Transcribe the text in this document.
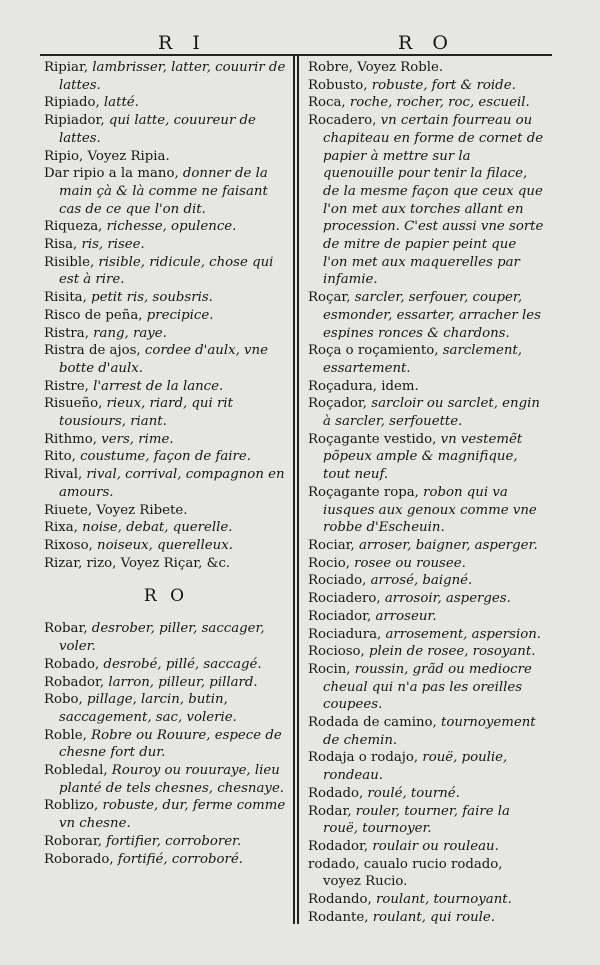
R I	R O

Ripiar, lambrisser, latter, couurir de lattes.

Ripiado, latté.

Ripiador, qui latte, couureur de lattes.

Ripio, Voyez Ripia.

Dar ripio a la mano, donner de la main çà & là comme ne faisant cas de ce que l'on dit.

Riqueza, richesse, opulence.

Risa, ris, risee.

Risible, risible, ridicule, chose qui est à rire.

Risita, petit ris, soubsris.

Risco de peña, precipice.

Ristra, rang, raye.

Ristra de ajos, cordee d'aulx, vne botte d'aulx.

Ristre, l'arrest de la lance.

Risueño, rieux, riard, qui rit tousiours, riant.

Rithmo, vers, rime.

Rito, coustume, façon de faire.

Rival, rival, corrival, compagnon en amours.

Riuete, Voyez Ribete.

Rixa, noise, debat, querelle.

Rixoso, noiseux, querelleux.

Rizar, rizo, Voyez Riçar, &c.

R O

Robar, desrober, piller, saccager, voler.

Robado, desrobé, pillé, saccagé.

Robador, larron, pilleur, pillard.

Robo, pillage, larcin, butin, saccagement, sac, volerie.

Roble, Robre ou Rouure, espece de chesne fort dur.

Robledal, Rouroy ou rouuraye, lieu planté de tels chesnes, chesnaye.

Roblizo, robuste, dur, ferme comme vn chesne.

Roborar, fortifier, corroborer.

Roborado, fortifié, corroboré.

Robre, Voyez Roble.

Robusto, robuste, fort & roide.

Roca, roche, rocher, roc, escueil.

Rocadero, vn certain fourreau ou chapiteau en forme de cornet de papier à mettre sur la quenouille pour tenir la filace, de la mesme façon que ceux que l'on met aux torches allant en procession. C'est aussi vne sorte de mitre de papier peint que l'on met aux maquerelles par infamie.

Roçar, sarcler, serfouer, couper, esmonder, essarter, arracher les espines ronces & chardons.

Roça o roçamiento, sarclement, essartement.

Roçadura, idem.

Roçador, sarcloir ou sarclet, engin à sarcler, serfouette.

Roçagante vestido, vn vestemẽt põpeux ample & magnifique, tout neuf.

Roçagante ropa, robon qui va iusques aux genoux comme vne robbe d'Escheuin.

Rociar, arroser, baigner, asperger.

Rocio, rosee ou rousee.

Rociado, arrosé, baigné.

Rociadero, arrosoir, asperges.

Rociador, arroseur.

Rociadura, arrosement, aspersion.

Rocioso, plein de rosee, rosoyant.

Rocin, roussin, grãd ou mediocre cheual qui n'a pas les oreilles coupees.

Rodada de camino, tournoyement de chemin.

Rodaja o rodajo, rouë, poulie, rondeau.

Rodado, roulé, tourné.

Rodar, rouler, tourner, faire la rouë, tournoyer.

Rodador, roulair ou rouleau.

rodado, caualo rucio rodado, voyez Rucio.

Rodando, roulant, tournoyant.

Rodante, roulant, qui roule.
